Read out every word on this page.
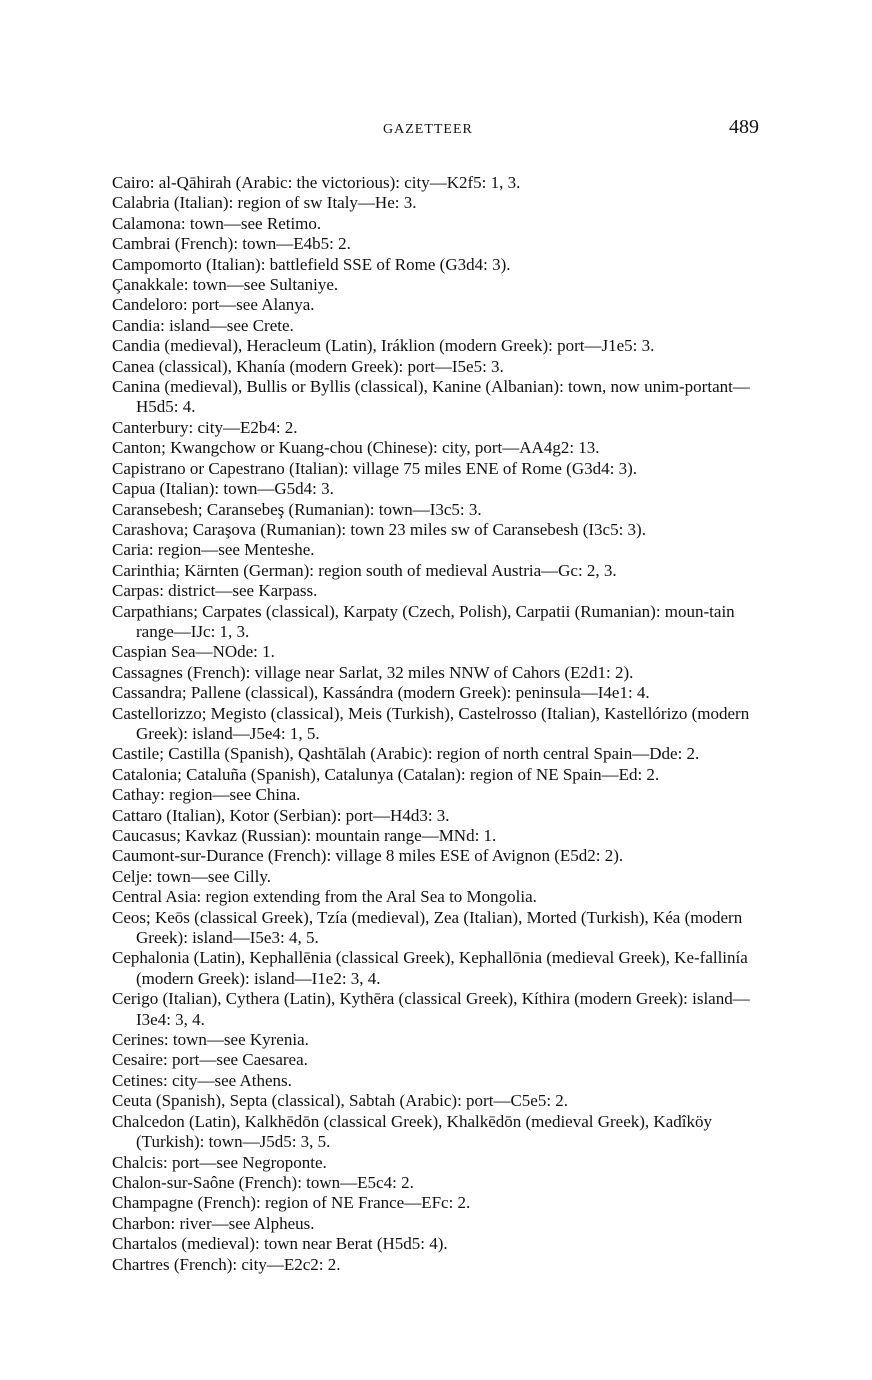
GAZETTEER	489

Cairo: al-Qāhirah (Arabic: the victorious): city—K2f5: 1, 3.

Calabria (Italian): region of sw Italy—He: 3.

Calamona: town—see Retimo.

Cambrai (French): town—E4b5: 2.

Campomorto (Italian): battlefield SSE of Rome (G3d4: 3).

Çanakkale: town—see Sultaniye.

Candeloro: port—see Alanya.

Candia: island—see Crete.

Candia (medieval), Heracleum (Latin), Iráklion (modern Greek): port—J1e5: 3.

Canea (classical), Khanía (modern Greek): port—I5e5: 3.

Canina (medieval), Bullis or Byllis (classical), Kanine (Albanian): town, now unim-portant—H5d5: 4.

Canterbury: city—E2b4: 2.

Canton; Kwangchow or Kuang-chou (Chinese): city, port—AA4g2: 13.

Capistrano or Capestrano (Italian): village 75 miles ENE of Rome (G3d4: 3).

Capua (Italian): town—G5d4: 3.

Caransebesh; Caransebeş (Rumanian): town—I3c5: 3.

Carashova; Caraşova (Rumanian): town 23 miles sw of Caransebesh (I3c5: 3).

Caria: region—see Menteshe.

Carinthia; Kärnten (German): region south of medieval Austria—Gc: 2, 3.

Carpas: district—see Karpass.

Carpathians; Carpates (classical), Karpaty (Czech, Polish), Carpatii (Rumanian): moun-tain range—IJc: 1, 3.

Caspian Sea—NOde: 1.

Cassagnes (French): village near Sarlat, 32 miles NNW of Cahors (E2d1: 2).

Cassandra; Pallene (classical), Kassándra (modern Greek): peninsula—I4e1: 4.

Castellorizzo; Megisto (classical), Meis (Turkish), Castelrosso (Italian), Kastellórizo (modern Greek): island—J5e4: 1, 5.

Castile; Castilla (Spanish), Qashtālah (Arabic): region of north central Spain—Dde: 2.

Catalonia; Cataluña (Spanish), Catalunya (Catalan): region of NE Spain—Ed: 2.

Cathay: region—see China.

Cattaro (Italian), Kotor (Serbian): port—H4d3: 3.

Caucasus; Kavkaz (Russian): mountain range—MNd: 1.

Caumont-sur-Durance (French): village 8 miles ESE of Avignon (E5d2: 2).

Celje: town—see Cilly.

Central Asia: region extending from the Aral Sea to Mongolia.

Ceos; Keōs (classical Greek), Tzía (medieval), Zea (Italian), Morted (Turkish), Kéa (modern Greek): island—I5e3: 4, 5.

Cephalonia (Latin), Kephallēnia (classical Greek), Kephallōnia (medieval Greek), Ke-fallinía (modern Greek): island—I1e2: 3, 4.

Cerigo (Italian), Cythera (Latin), Kythēra (classical Greek), Kíthira (modern Greek): island—I3e4: 3, 4.

Cerines: town—see Kyrenia.

Cesaire: port—see Caesarea.

Cetines: city—see Athens.

Ceuta (Spanish), Septa (classical), Sabtah (Arabic): port—C5e5: 2.

Chalcedon (Latin), Kalkhēdōn (classical Greek), Khalkēdōn (medieval Greek), Kadîköy (Turkish): town—J5d5: 3, 5.

Chalcis: port—see Negroponte.

Chalon-sur-Saône (French): town—E5c4: 2.

Champagne (French): region of NE France—EFc: 2.

Charbon: river—see Alpheus.

Chartalos (medieval): town near Berat (H5d5: 4).

Chartres (French): city—E2c2: 2.
